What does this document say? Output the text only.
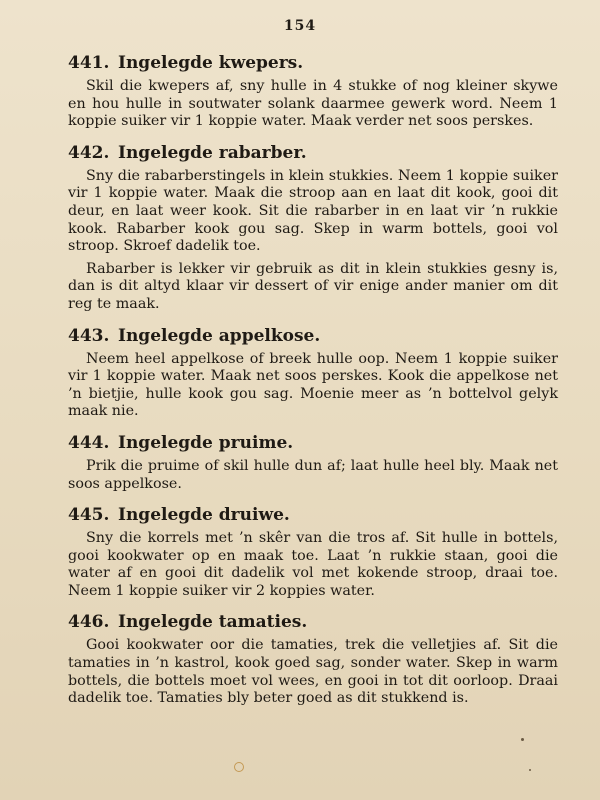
154
441. Ingelegde kwepers.

Skil die kwepers af, sny hulle in 4 stukke of nog kleiner skywe en hou hulle in soutwater solank daarmee gewerk word. Neem 1 koppie suiker vir 1 koppie water. Maak verder net soos perskes.

442. Ingelegde rabarber.

Sny die rabarberstingels in klein stukkies. Neem 1 koppie suiker vir 1 koppie water. Maak die stroop aan en laat dit kook, gooi dit deur, en laat weer kook. Sit die rabarber in en laat vir ’n rukkie kook. Rabarber kook gou sag. Skep in warm bottels, gooi vol stroop. Skroef dadelik toe.

Rabarber is lekker vir gebruik as dit in klein stukkies gesny is, dan is dit altyd klaar vir dessert of vir enige ander manier om dit reg te maak.

443. Ingelegde appelkose.

Neem heel appelkose of breek hulle oop. Neem 1 koppie suiker vir 1 koppie water. Maak net soos perskes. Kook die appelkose net ’n bietjie, hulle kook gou sag. Moenie meer as ’n bottelvol gelyk maak nie.

444. Ingelegde pruime.

Prik die pruime of skil hulle dun af; laat hulle heel bly. Maak net soos appelkose.

445. Ingelegde druiwe.

Sny die korrels met ’n skêr van die tros af. Sit hulle in bottels, gooi kookwater op en maak toe. Laat ’n rukkie staan, gooi die water af en gooi dit dadelik vol met kokende stroop, draai toe. Neem 1 koppie suiker vir 2 koppies water.

446. Ingelegde tamaties.

Gooi kookwater oor die tamaties, trek die velletjies af. Sit die tamaties in ’n kastrol, kook goed sag, sonder water. Skep in warm bottels, die bottels moet vol wees, en gooi in tot dit oorloop. Draai dadelik toe. Tamaties bly beter goed as dit stukkend is.
